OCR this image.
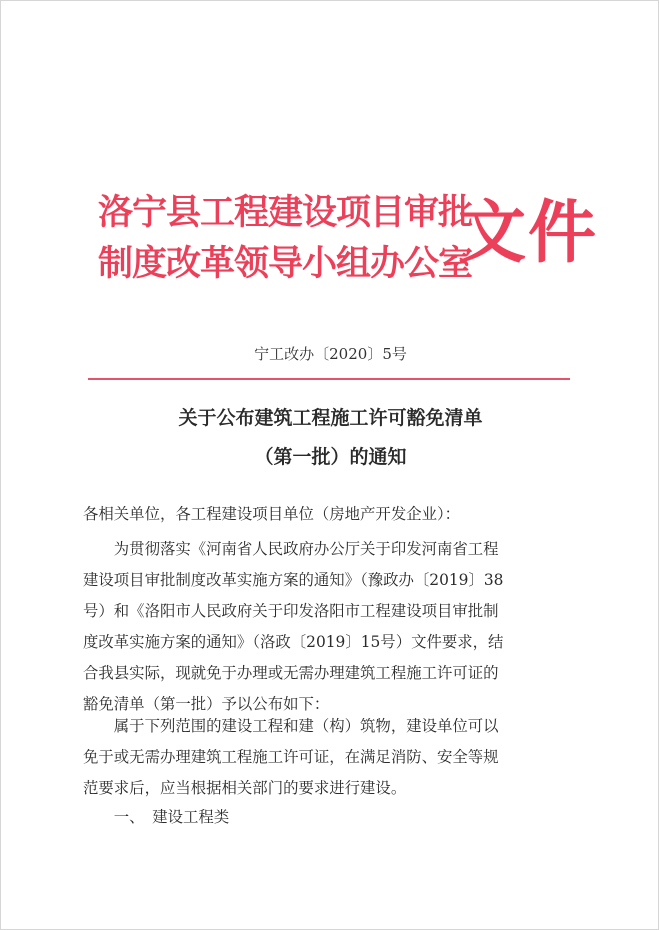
洛宁县工程建设项目审批
制度改革领导小组办公室
文件
宁工改办〔2020〕5号
关于公布建筑工程施工许可豁免清单
（第一批）的通知
各相关单位，各工程建设项目单位（房地产开发企业）：
　　为贯彻落实《河南省人民政府办公厅关于印发河南省工程
建设项目审批制度改革实施方案的通知》（豫政办〔2019〕38
号）和《洛阳市人民政府关于印发洛阳市工程建设项目审批制
度改革实施方案的通知》（洛政〔2019〕15号）文件要求，结
合我县实际，现就免于办理或无需办理建筑工程施工许可证的
豁免清单（第一批）予以公布如下：
　　属于下列范围的建设工程和建（构）筑物，建设单位可以
免于或无需办理建筑工程施工许可证，在满足消防、安全等规
范要求后，应当根据相关部门的要求进行建设。
　　一、　建设工程类
